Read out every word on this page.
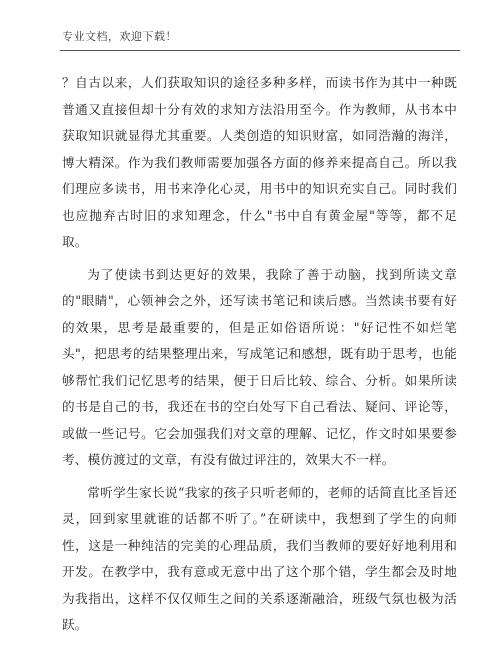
专业文档，欢迎下载！

？自古以来，人们获取知识的途径多种多样，而读书作为其中一种既普通又直接但却十分有效的求知方法沿用至今。作为教师，从书本中获取知识就显得尤其重要。人类创造的知识财富，如同浩瀚的海洋，博大精深。作为我们教师需要加强各方面的修养来提高自己。所以我们理应多读书，用书来净化心灵，用书中的知识充实自己。同时我们也应抛弃古时旧的求知理念，什么"书中自有黄金屋"等等，都不足取。

为了使读书到达更好的效果，我除了善于动脑，找到所读文章的"眼睛"，心领神会之外，还写读书笔记和读后感。当然读书要有好的效果，思考是最重要的，但是正如俗语所说："好记性不如烂笔头"，把思考的结果整理出来，写成笔记和感想，既有助于思考，也能够帮忙我们记忆思考的结果，便于日后比较、综合、分析。如果所读的书是自己的书，我还在书的空白处写下自己看法、疑问、评论等，或做一些记号。它会加强我们对文章的理解、记忆，作文时如果要参考、模仿渡过的文章，有没有做过评注的，效果大不一样。

常听学生家长说“我家的孩子只听老师的，老师的话简直比圣旨还灵，回到家里就谁的话都不听了。”在研读中，我想到了学生的向师性，这是一种纯洁的完美的心理品质，我们当教师的要好好地利用和开发。在教学中，我有意或无意中出了这个那个错，学生都会及时地为我指出，这样不仅仅师生之间的关系逐渐融洽，班级气氛也极为活跃。
